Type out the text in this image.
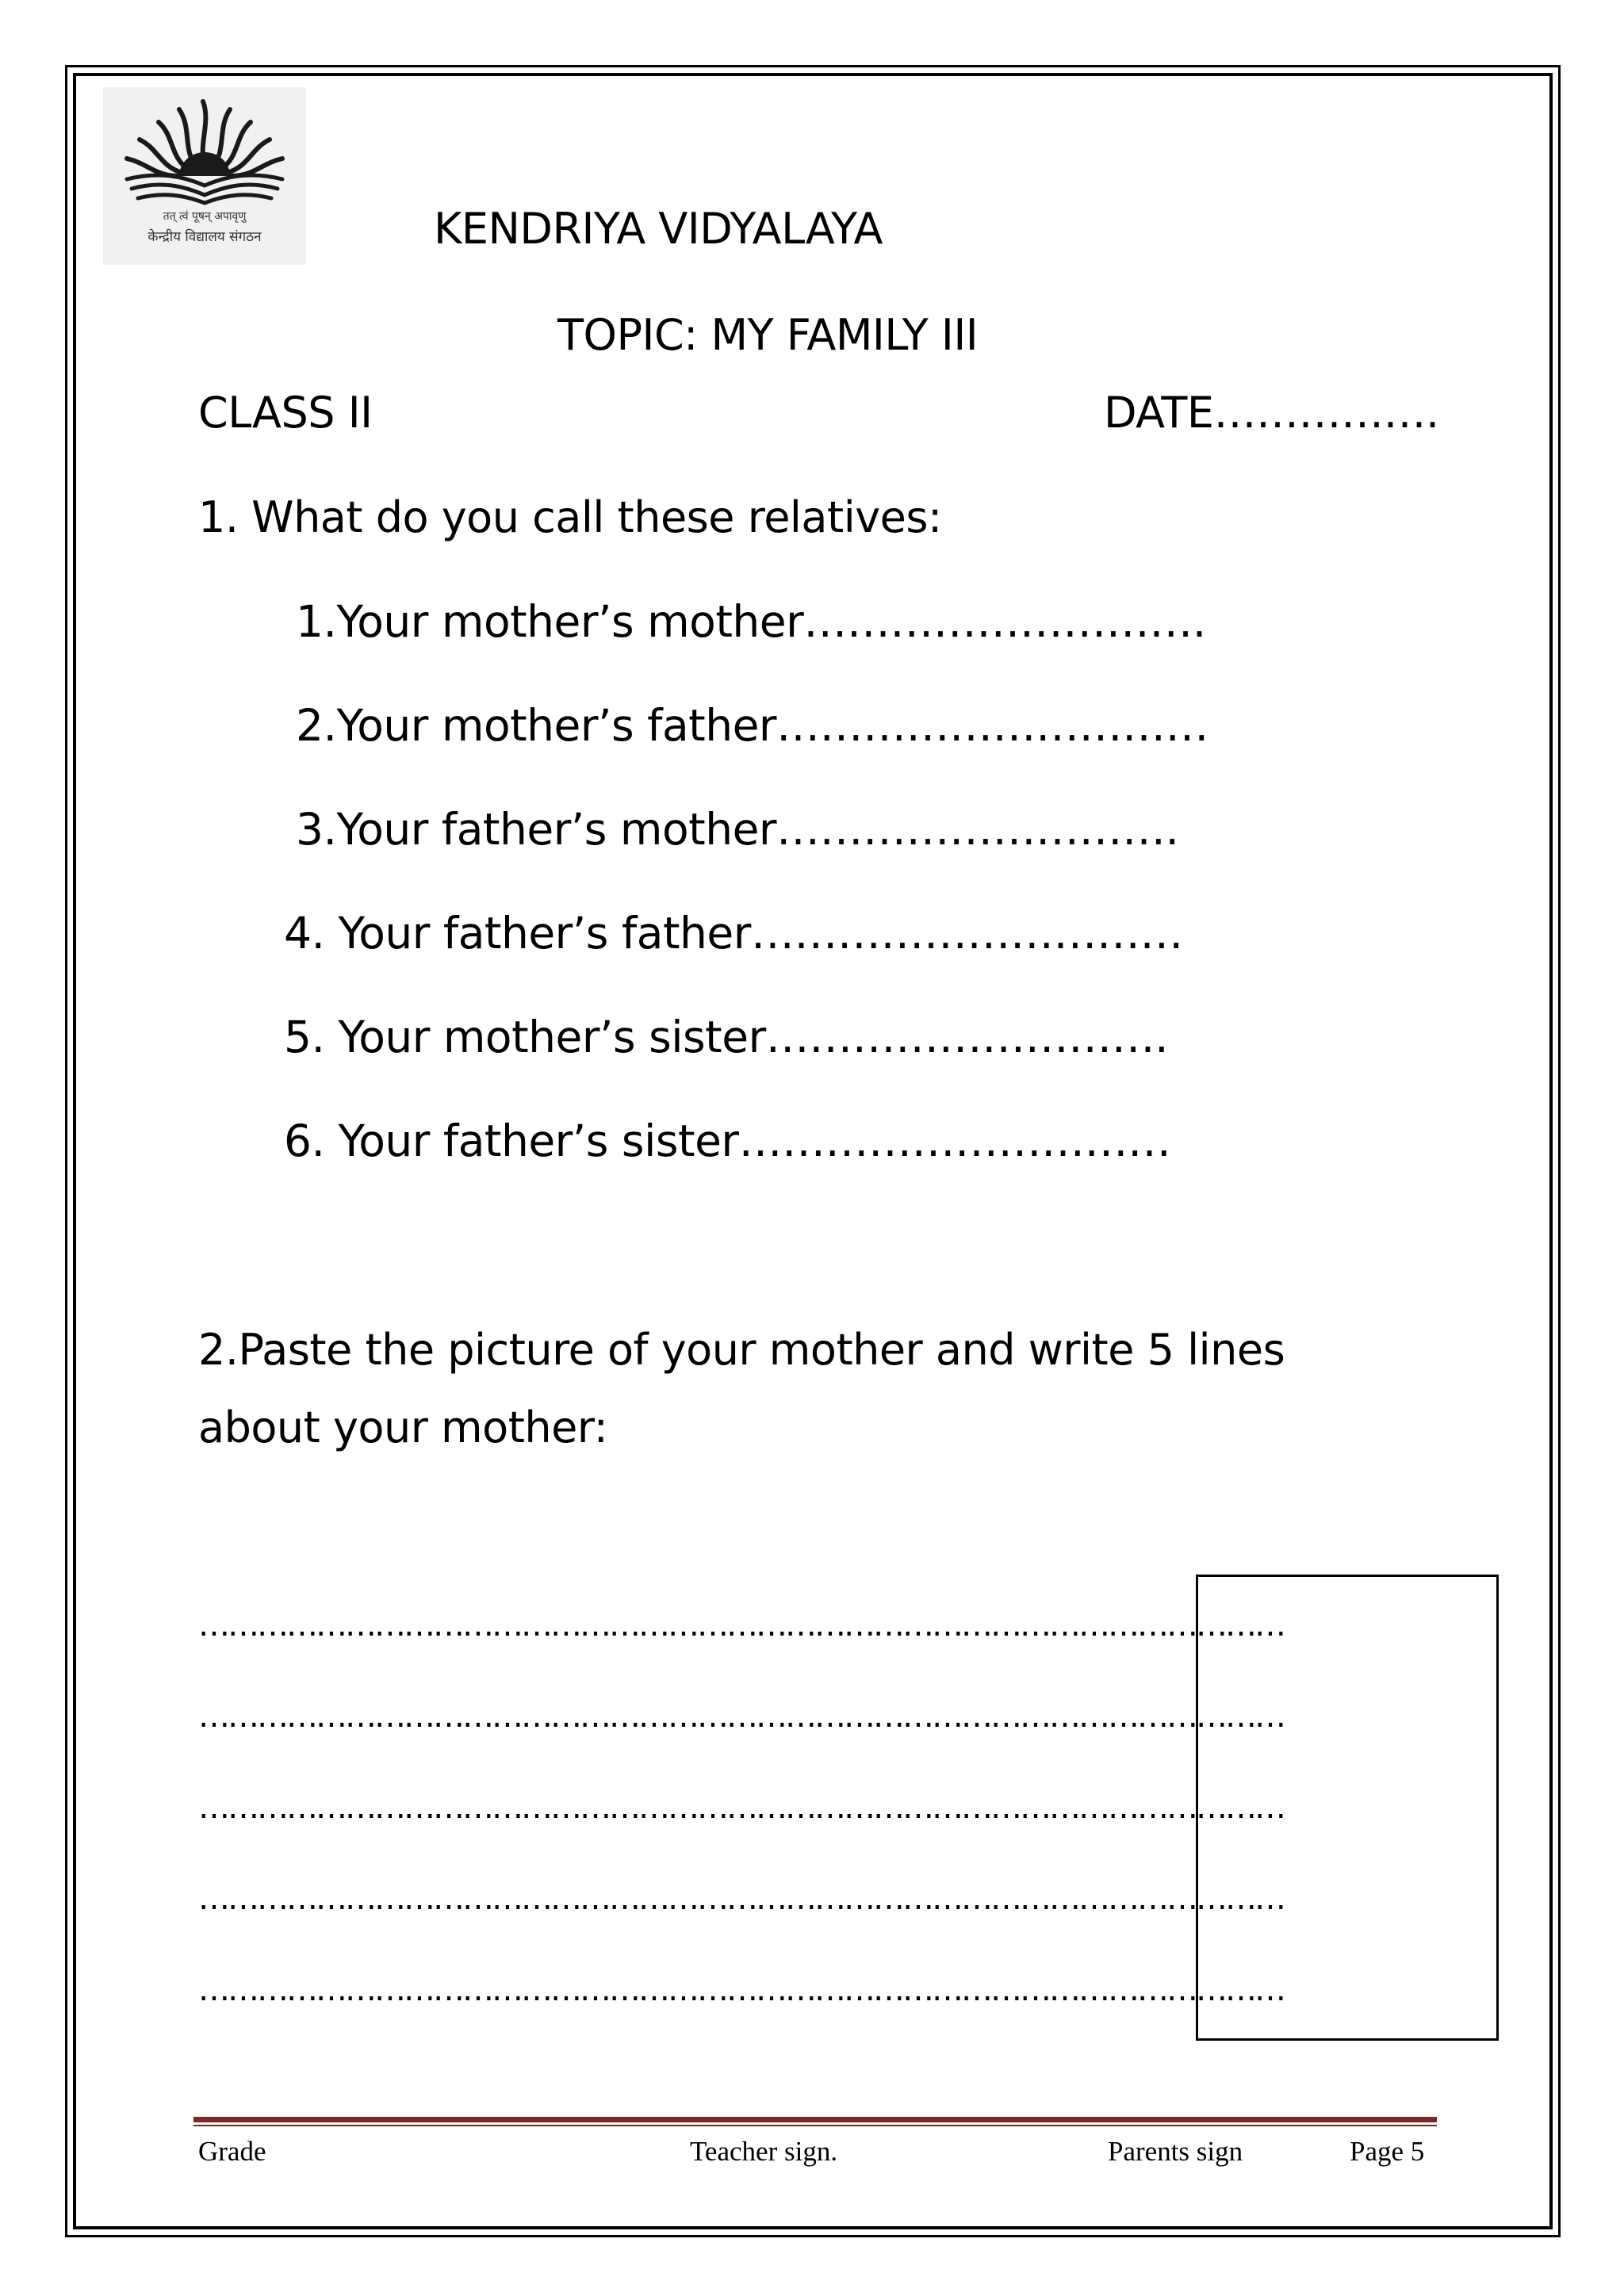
तत् त्वं पूषन् अपावृणु
केन्द्रीय विद्यालय संगठन	KENDRIYA VIDYALAYA
TOPIC: MY FAMILY III
CLASS II	DATE…………….
1. What do you call these relatives:
1.Your mother’s mother……………………….
2.Your mother’s father…………………………
3.Your father’s mother……………………….
4. Your father’s father…………………………
5. Your mother’s sister……………………….
6. Your father’s sister…………………………
2.Paste the picture of your mother and write 5 lines
about your mother:
…………………………………………………………………………………………………
…………………………………………………………………………………………………
…………………………………………………………………………………………………
…………………………………………………………………………………………………
…………………………………………………………………………………………………
Grade	Teacher sign.	Parents sign	Page 5
